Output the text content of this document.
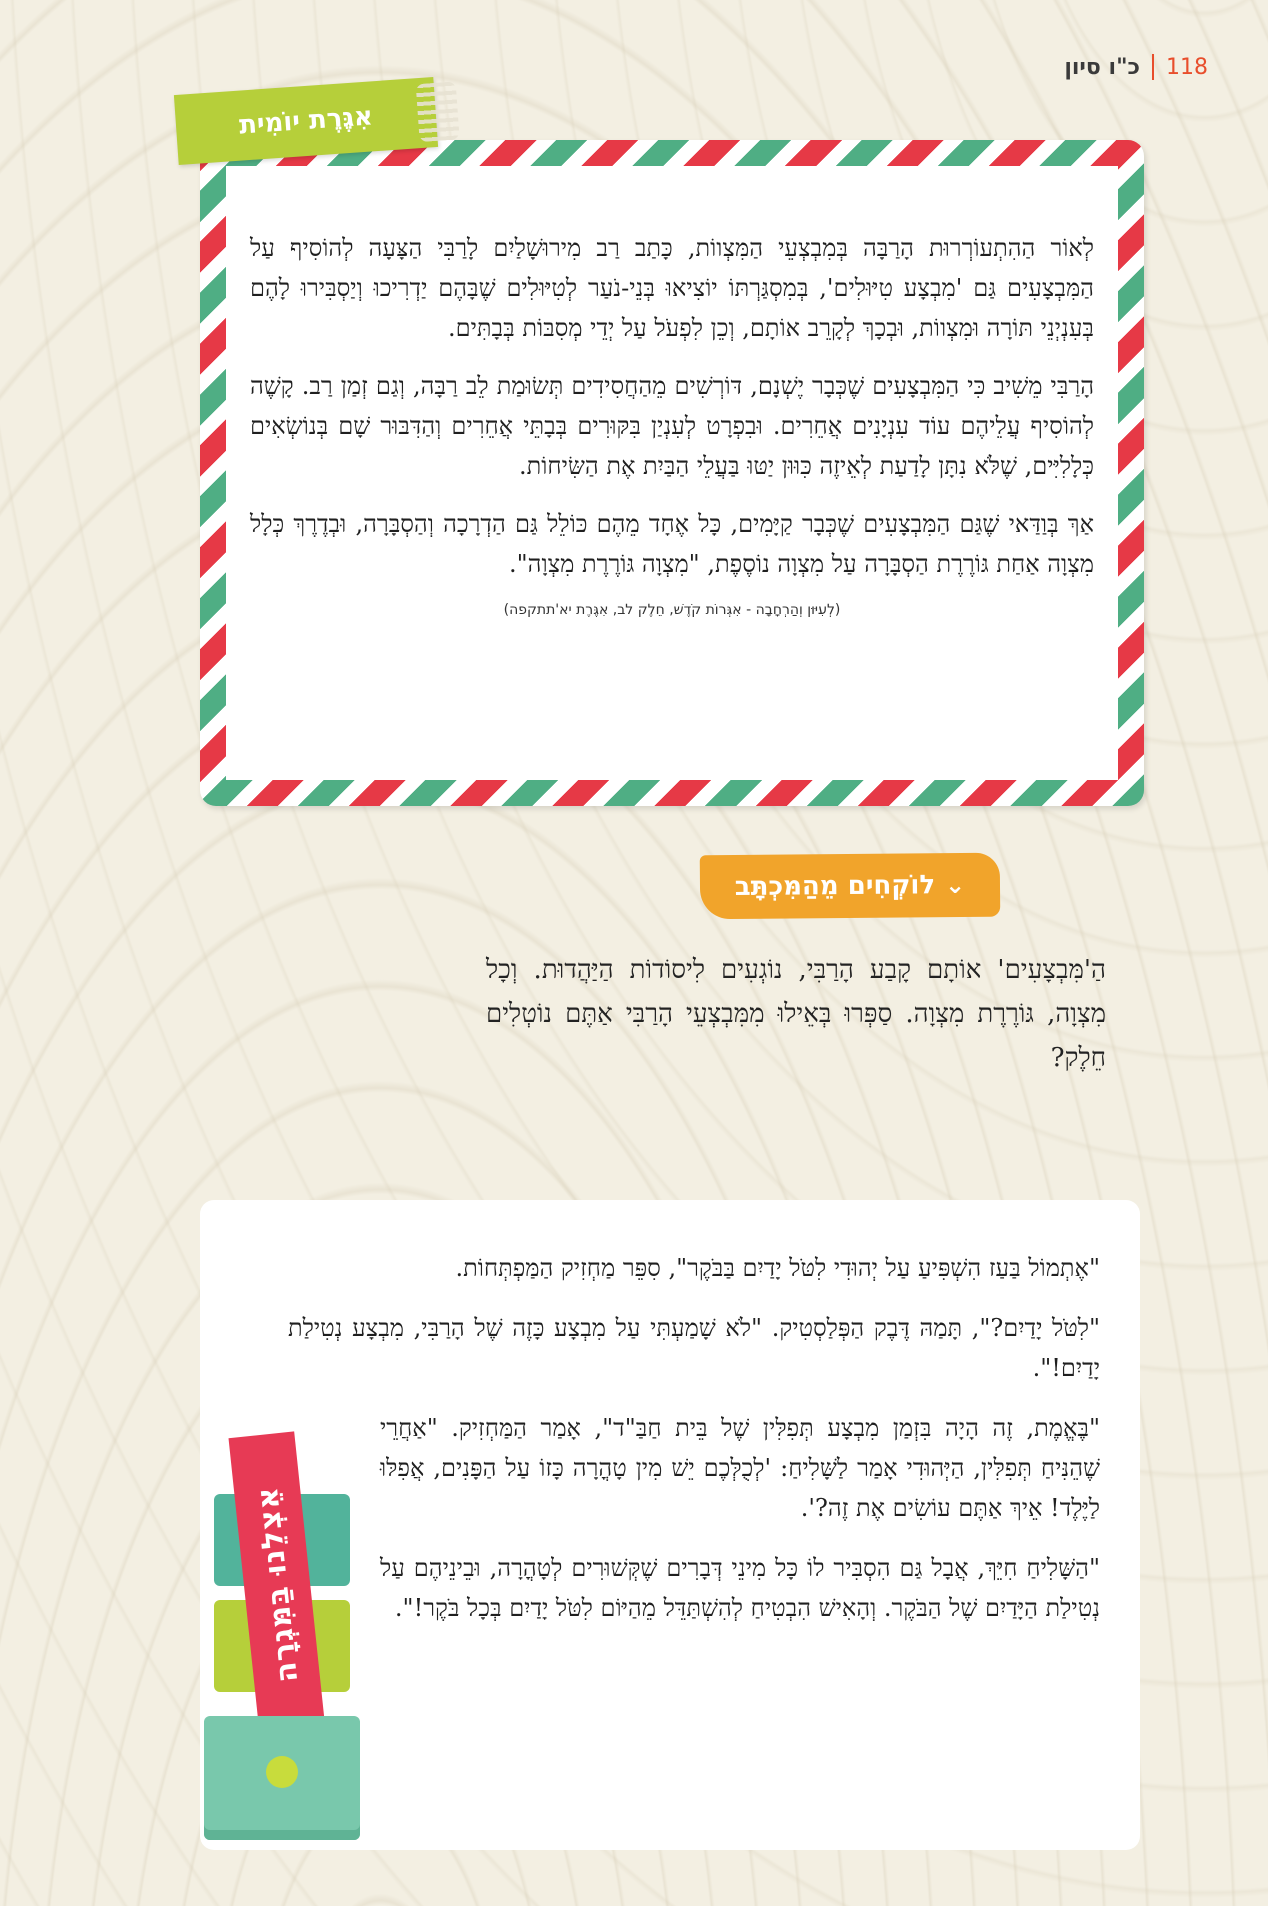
118
כ"ו סיון

לְאוֹר הַהִתְעוֹרְרוּת הָרַבָּה בְּמִבְצְעֵי הַמִּצְווֹת, כָּתַב רַב מִירוּשָׁלַיִם לָרַבִּי הַצָּעָה לְהוֹסִיף עַל הַמִּבְצָעִים גַּם 'מִבְצָע טִיּוּלִים', בְּמִסְגַּרְתּוֹ יוֹצִיאוּ בְּנֵי-נֹעַר לְטִיּוּלִים שֶׁבָּהֶם יַדְרִיכוּ וְיַסְבִּירוּ לָהֶם בְּעִנְיְנֵי תּוֹרָה וּמִצְווֹת, וּבְכָךְ לְקָרֵב אוֹתָם, וְכֵן לִפְעֹל עַל יְדֵי מְסִבּוֹת בְּבָתִּים.

הָרַבִּי מֵשִׁיב כִּי הַמִּבְצָעִים שֶׁכְּבָר יֶשְׁנָם, דּוֹרְשִׁים מֵהַחֲסִידִים תְּשׂוּמַת לֵב רַבָּה, וְגַם זְמַן רַב. קָשֶׁה לְהוֹסִיף עֲלֵיהֶם עוֹד עִנְיָנִים אֲחֵרִים. וּבִפְרָט לְעִנְיַן בִּקּוּרִים בְּבָתֵּי אֲחֵרִים וְהַדִּבּוּר שָׁם בְּנוֹשְׂאִים כְּלָלִיִּים, שֶׁלֹּא נִתָּן לָדַעַת לְאֵיזֶה כִּוּוּן יַטּוּ בַּעֲלֵי הַבַּיִת אֶת הַשִּׂיחוֹת.

אַךְ בְּוַדַּאי שֶׁגַּם הַמִּבְצָעִים שֶׁכְּבָר קַיָּמִים, כָּל אֶחָד מֵהֶם כּוֹלֵל גַּם הַדְרָכָה וְהַסְבָּרָה, וּבְדֶרֶךְ כְּלָל מִצְוָה אַחַת גּוֹרֶרֶת הַסְבָּרָה עַל מִצְוָה נוֹסֶפֶת, "מִצְוָה גּוֹרֶרֶת מִצְוָה".

(לְעִיּוּן וְהַרְחָבָה - אִגְּרוֹת קֹדֶשׁ, חֵלֶק לב, אִגֶּרֶת יא'תתקפה)
אִגֶּרֶת יוֹמִית
⌄
לוֹקְחִים מֵהַמִּכְתָּב

הַ'מִּבְצָעִים' אוֹתָם קָבַע הָרַבִּי, נוֹגְעִים לִיסוֹדוֹת הַיַּהֲדוּת. וְכָל מִצְוָה, גּוֹרֶרֶת מִצְוָה. סַפְּרוּ בְּאֵילוּ מִמִּבְצְעֵי הָרַבִּי אַתֶּם נוֹטְלִים חֵלֶק?

"אֶתְמוֹל בַּעַז הִשְׁפִּיעַ עַל יְהוּדִי לִטֹּל יָדַיִם בַּבֹּקֶר", סִפֵּר מַחְזִיק הַמַּפְתְּחוֹת.

"לִטֹּל יָדַיִם?", תָּמַהּ דֶּבֶק הַפְּלַסְטִיק. "לֹא שָׁמַעְתִּי עַל מִבְצָע כָּזֶה שֶׁל הָרַבִּי, מִבְצָע נְטִילַת יָדַיִם!".

"בֶּאֱמֶת, זֶה הָיָה בִּזְמַן מִבְצָע תְּפִלִּין שֶׁל בֵּית חַבַּ"ד", אָמַר הַמַּחְזִיק. "אַחֲרֵי שֶׁהֵנִּיחַ תְּפִלִּין, הַיְּהוּדִי אָמַר לַשָּׁלִיחַ: 'לְכֻלְּכֶם יֵשׁ מִין טָהֳרָה כָּזוֹ עַל הַפָּנִים, אֲפִלּוּ לַיֶּלֶד! אֵיךְ אַתֶּם עוֹשִׂים אֶת זֶה?'.

"הַשָּׁלִיחַ חִיֵּךְ, אֲבָל גַּם הִסְבִּיר לוֹ כָּל מִינֵי דְּבָרִים שֶׁקְּשׁוּרִים לְטָהֳרָה, וּבֵינֵיהֶם עַל נְטִילַת הַיָּדַיִם שֶׁל הַבֹּקֶר. וְהָאִישׁ הִבְטִיחַ לְהִשְׁתַּדֵּל מֵהַיּוֹם לִטֹּל יָדַיִם בְּכָל בֹּקֶר!".

אֵצְלֵנוּ בַּמִּגְרָה
